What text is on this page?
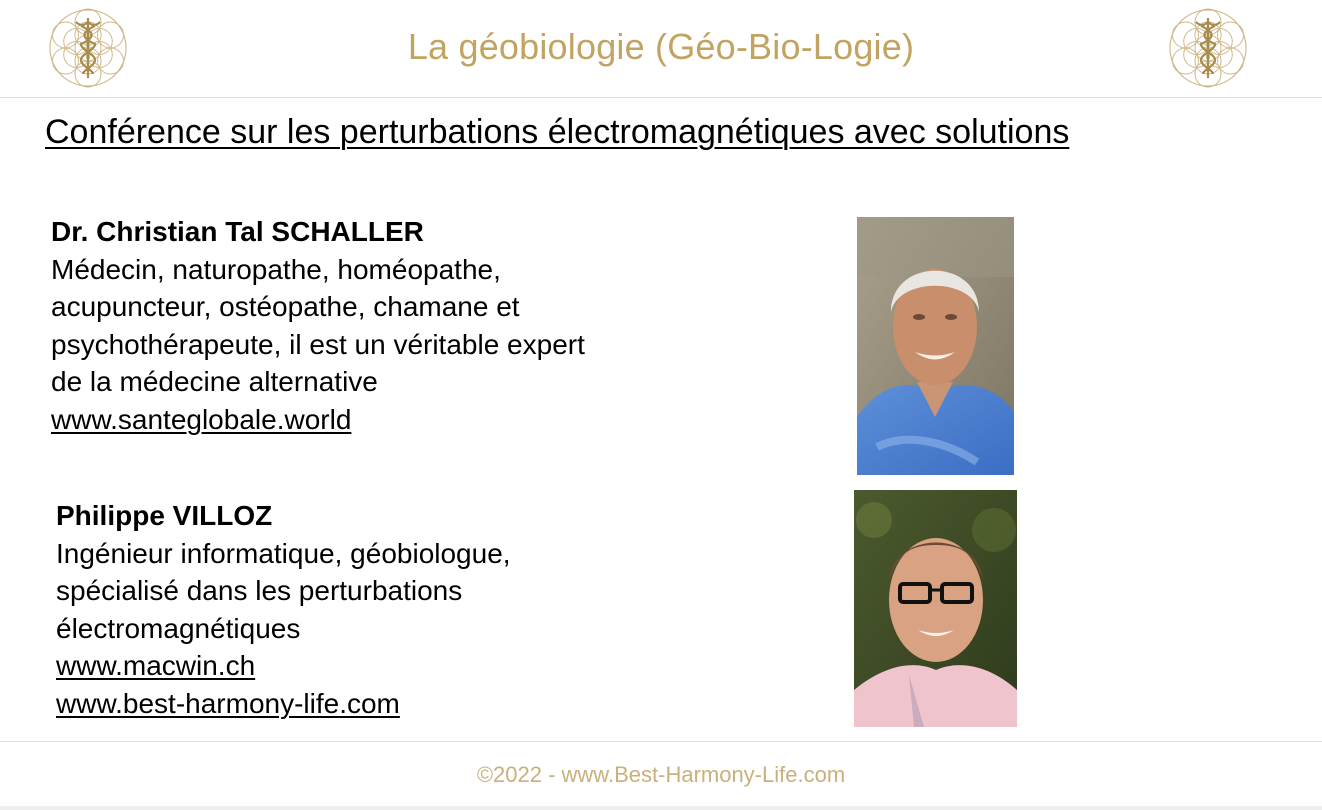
La géobiologie (Géo-Bio-Logie)
Conférence sur les perturbations électromagnétiques avec solutions
Dr. Christian Tal SCHALLER
Médecin, naturopathe, homéopathe,
acupuncteur, ostéopathe, chamane et
psychothérapeute, il est un véritable expert
de la médecine alternative
www.santeglobale.world
Philippe VILLOZ
Ingénieur informatique, géobiologue,
spécialisé dans les perturbations
électromagnétiques
www.macwin.ch
www.best-harmony-life.com
©2022 - www.Best-Harmony-Life.com
